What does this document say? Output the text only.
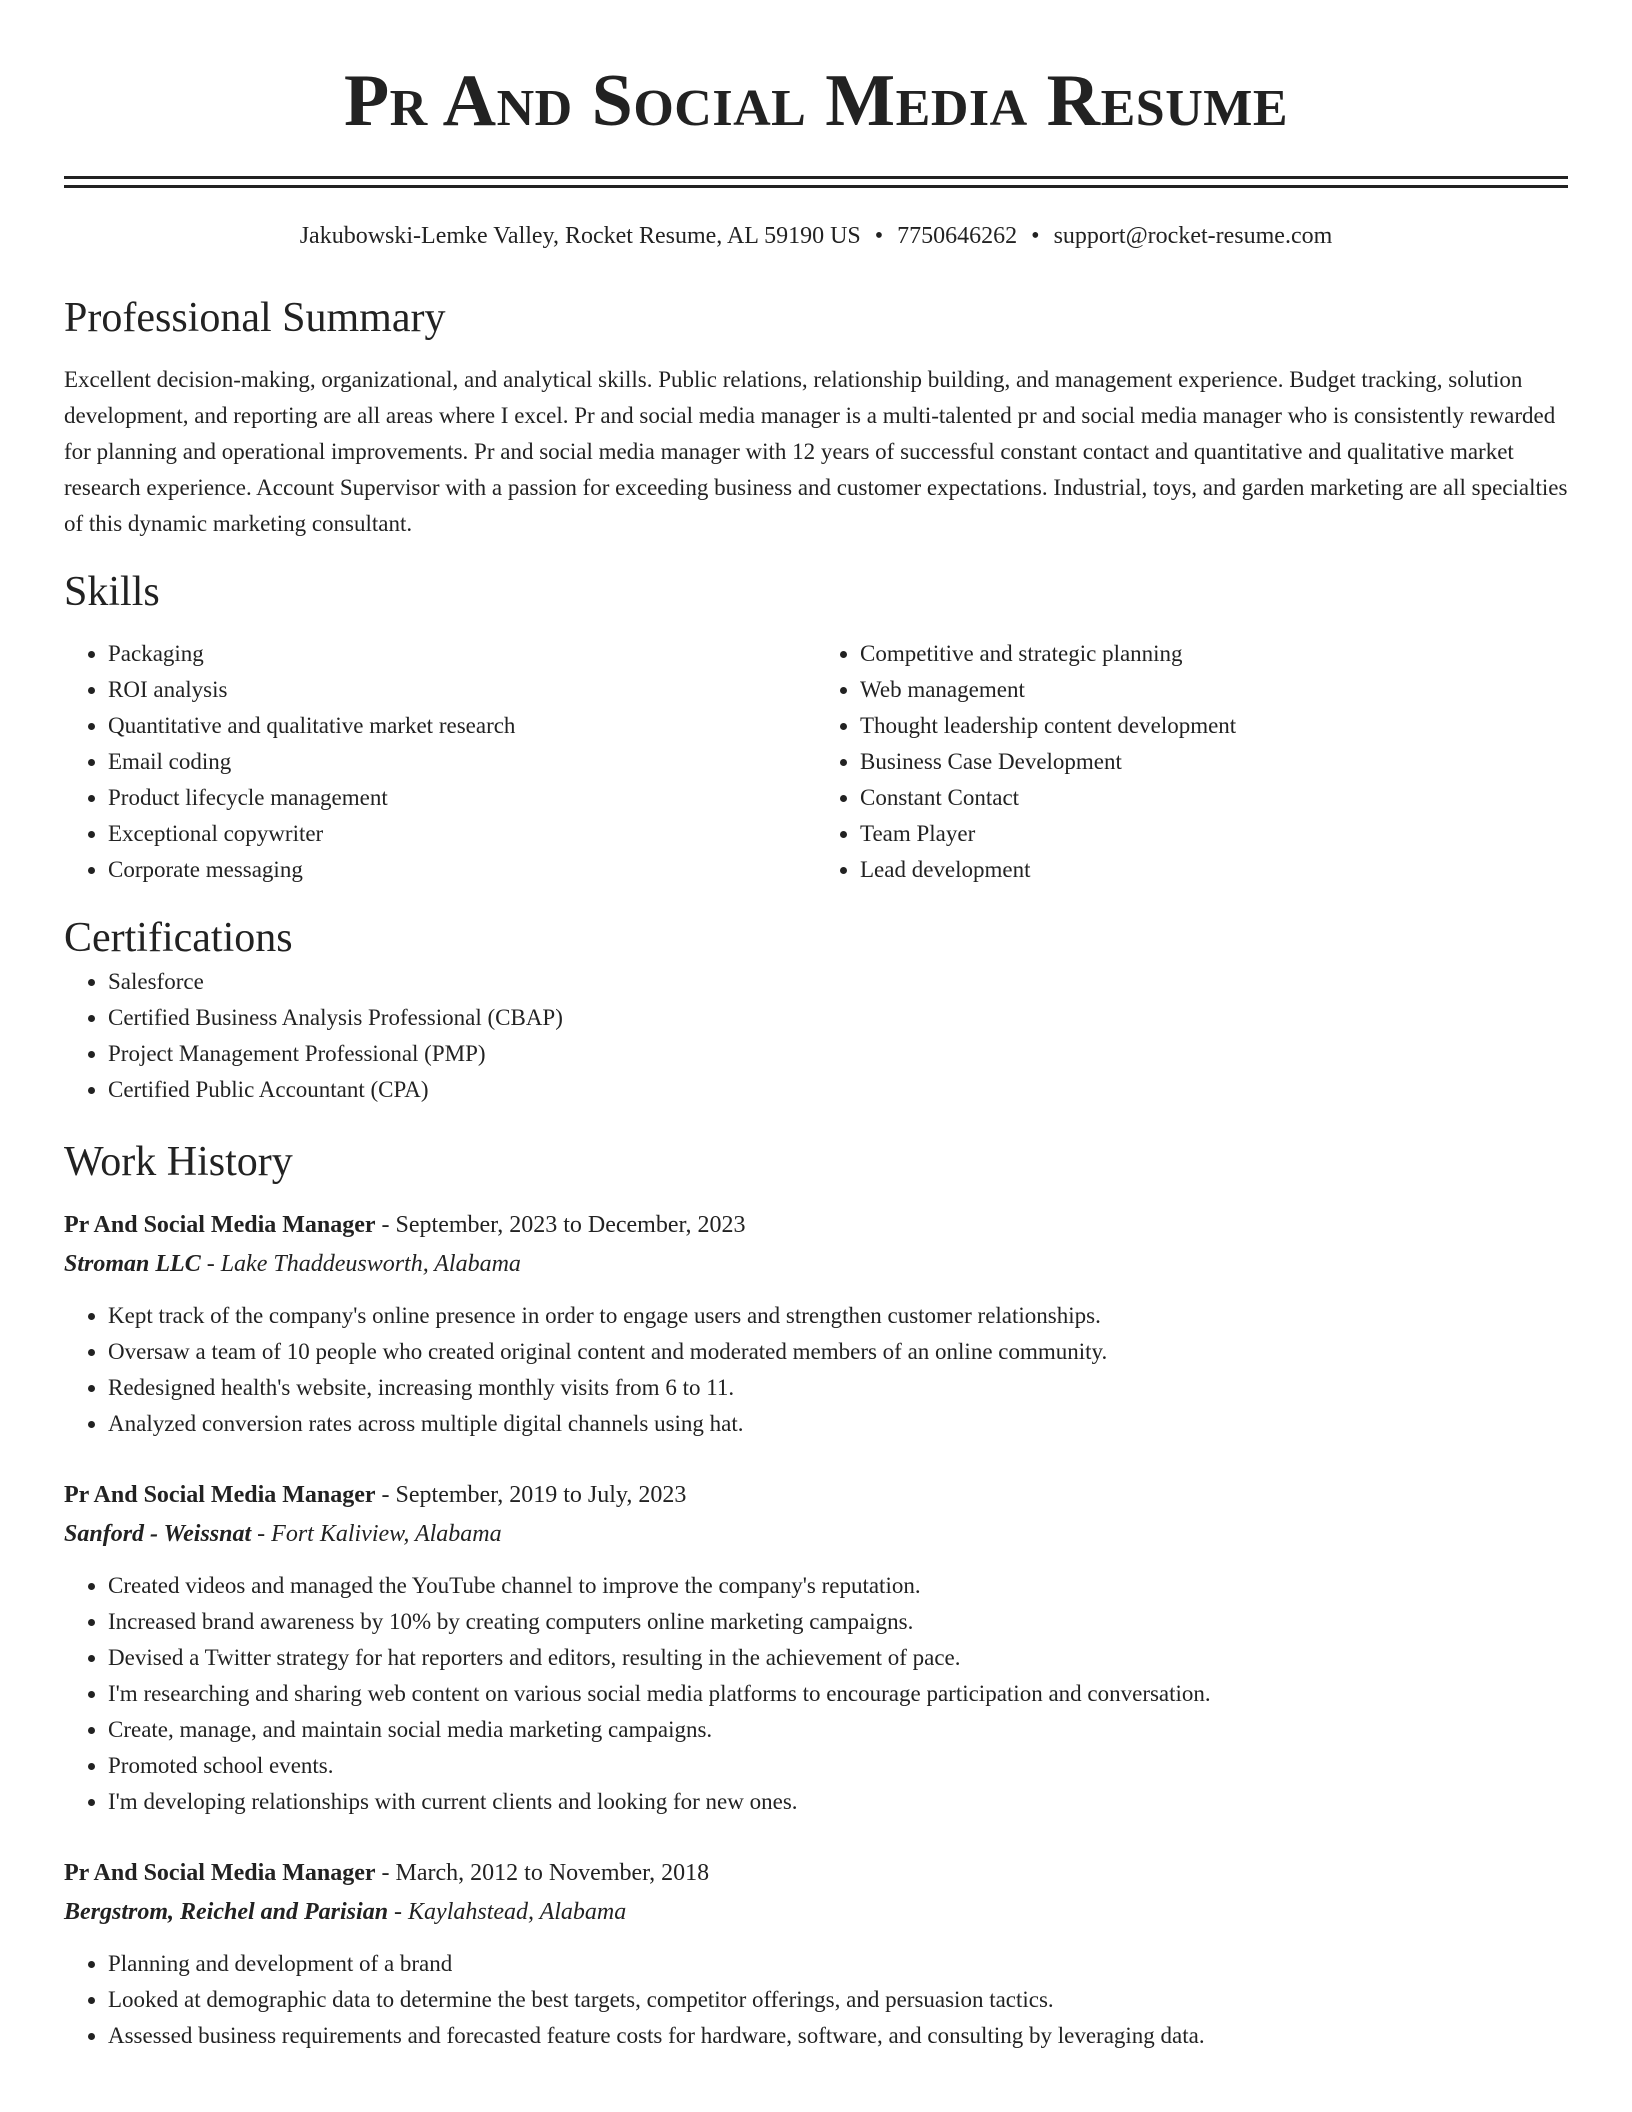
Pr And Social Media Resume
Jakubowski-Lemke Valley, Rocket Resume, AL 59190 US • 7750646262 • support@rocket-resume.com
Professional Summary

Excellent decision-making, organizational, and analytical skills. Public relations, relationship building, and management experience. Budget tracking, solution development, and reporting are all areas where I excel. Pr and social media manager is a multi-talented pr and social media manager who is consistently rewarded for planning and operational improvements. Pr and social media manager with 12 years of successful constant contact and quantitative and qualitative market research experience. Account Supervisor with a passion for exceeding business and customer expectations. Industrial, toys, and garden marketing are all specialties of this dynamic marketing consultant.

Skills
• Packaging
• ROI analysis
• Quantitative and qualitative market research
• Email coding
• Product lifecycle management
• Exceptional copywriter
• Corporate messaging
• Competitive and strategic planning
• Web management
• Thought leadership content development
• Business Case Development
• Constant Contact
• Team Player
• Lead development
Certifications
• Salesforce
• Certified Business Analysis Professional (CBAP)
• Project Management Professional (PMP)
• Certified Public Accountant (CPA)
Work History
Pr And Social Media Manager - September, 2023 to December, 2023
Stroman LLC - Lake Thaddeusworth, Alabama
• Kept track of the company's online presence in order to engage users and strengthen customer relationships.
• Oversaw a team of 10 people who created original content and moderated members of an online community.
• Redesigned health's website, increasing monthly visits from 6 to 11.
• Analyzed conversion rates across multiple digital channels using hat.
Pr And Social Media Manager - September, 2019 to July, 2023
Sanford - Weissnat - Fort Kaliview, Alabama
• Created videos and managed the YouTube channel to improve the company's reputation.
• Increased brand awareness by 10% by creating computers online marketing campaigns.
• Devised a Twitter strategy for hat reporters and editors, resulting in the achievement of pace.
• I'm researching and sharing web content on various social media platforms to encourage participation and conversation.
• Create, manage, and maintain social media marketing campaigns.
• Promoted school events.
• I'm developing relationships with current clients and looking for new ones.
Pr And Social Media Manager - March, 2012 to November, 2018
Bergstrom, Reichel and Parisian - Kaylahstead, Alabama
• Planning and development of a brand
• Looked at demographic data to determine the best targets, competitor offerings, and persuasion tactics.
• Assessed business requirements and forecasted feature costs for hardware, software, and consulting by leveraging data.
